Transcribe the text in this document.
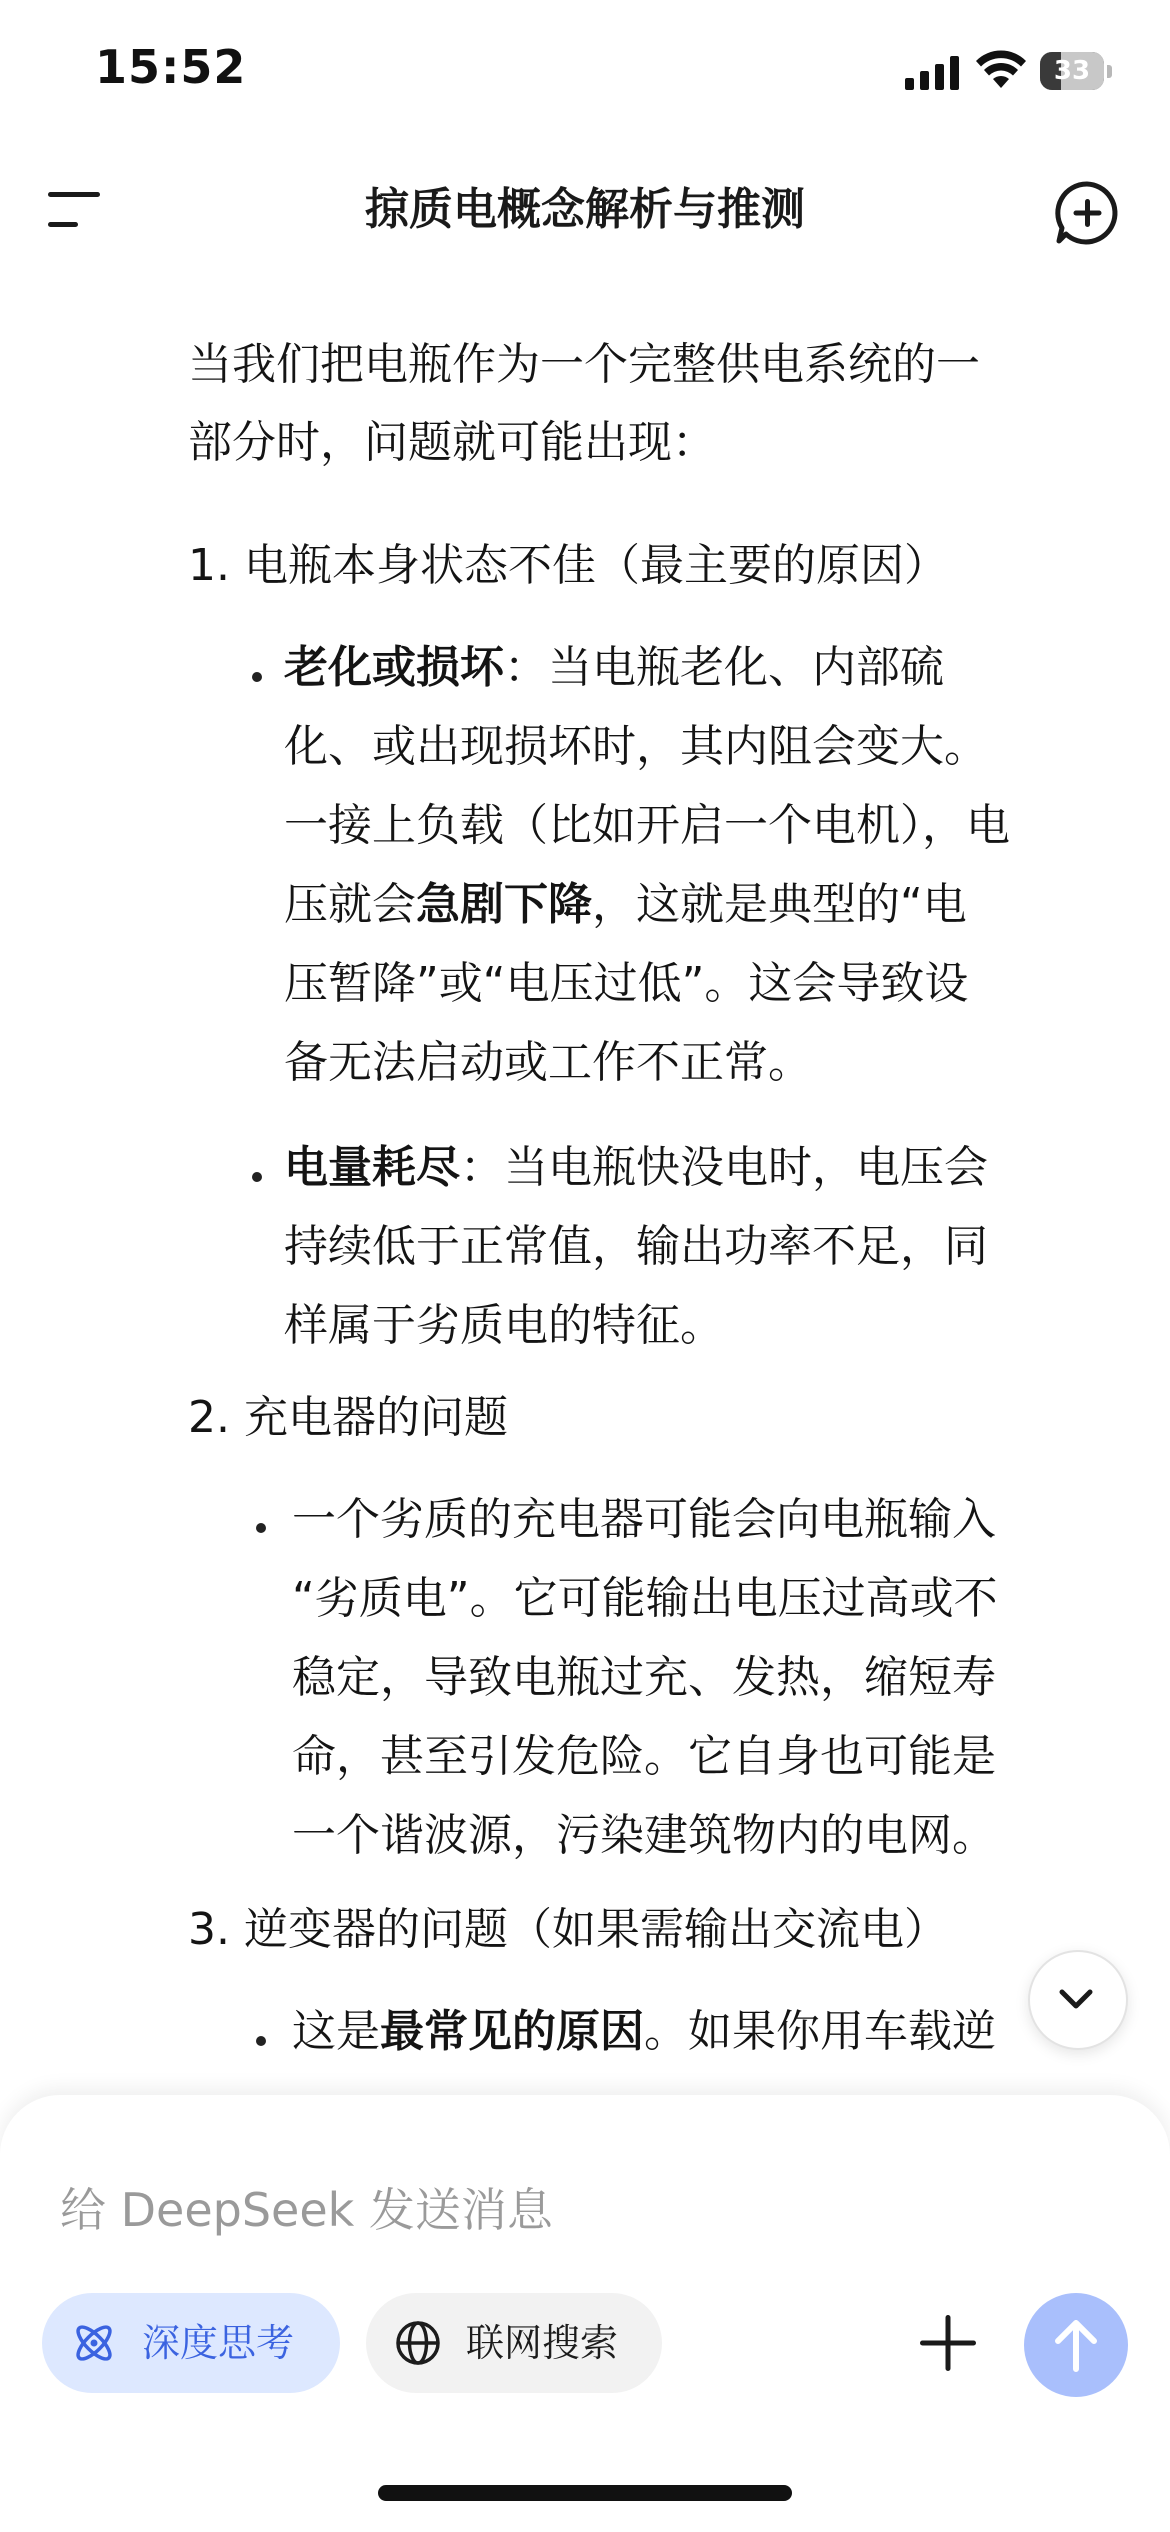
15:52	33
掠质电概念解析与推测
当我们把电瓶作为一个完整供电系统的一
部分时，问题就可能出现：
1. 电瓶本身状态不佳（最主要的原因）
老化或损坏：当电瓶老化、内部硫
化、或出现损坏时，其内阻会变大。
一接上负载（比如开启一个电机），电
压就会急剧下降，这就是典型的“电
压暂降”或“电压过低”。这会导致设
备无法启动或工作不正常。
电量耗尽：当电瓶快没电时，电压会
持续低于正常值，输出功率不足，同
样属于劣质电的特征。
2. 充电器的问题
一个劣质的充电器可能会向电瓶输入
“劣质电”。它可能输出电压过高或不
稳定，导致电瓶过充、发热，缩短寿
命，甚至引发危险。它自身也可能是
一个谐波源，污染建筑物内的电网。
3. 逆变器的问题（如果需输出交流电）
这是最常见的原因。如果你用车载逆
给 DeepSeek 发送消息
深度思考	联网搜索
